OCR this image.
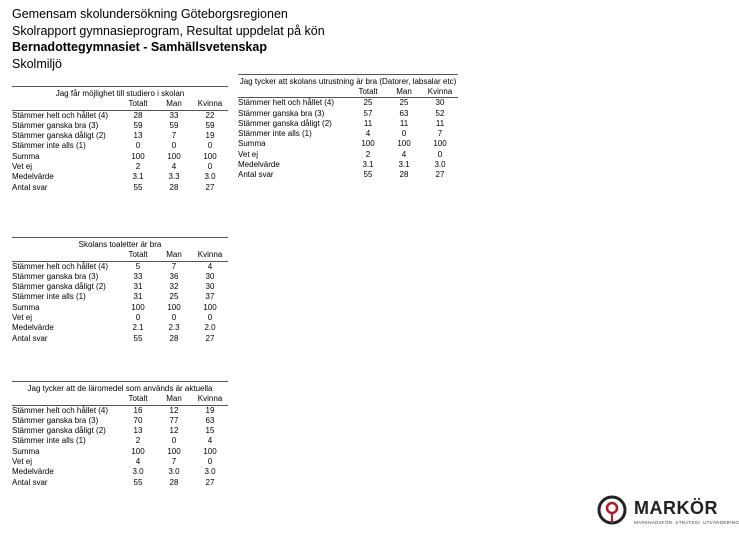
Gemensam skolundersökning Göteborgsregionen
Skolrapport gymnasieprogram, Resultat uppdelat på kön
Bernadottegymnasiet - Samhällsvetenskap
Skolmiljö
Jag får möjlighet till studiero i skolan
Totalt	Man	Kvinna
Stämmer helt och hållet (4)	28	33	22
Stämmer ganska bra (3)	59	59	59
Stämmer ganska dåligt (2)	13	7	19
Stämmer inte alls (1)	0	0	0
Summa	100	100	100
Vet ej	2	4	0
Medelvärde	3.1	3.3	3.0
Antal svar	55	28	27
Jag tycker att skolans utrustning är bra (Datorer, labsalar etc)
Totalt	Man	Kvinna
Stämmer helt och hållet (4)	25	25	30
Stämmer ganska bra (3)	57	63	52
Stämmer ganska dåligt (2)	11	11	11
Stämmer inte alls (1)	4	0	7
Summa	100	100	100
Vet ej	2	4	0
Medelvärde	3.1	3.1	3.0
Antal svar	55	28	27
Skolans toaletter är bra
Totalt	Man	Kvinna
Stämmer helt och hållet (4)	5	7	4
Stämmer ganska bra (3)	33	36	30
Stämmer ganska dåligt (2)	31	32	30
Stämmer inte alls (1)	31	25	37
Summa	100	100	100
Vet ej	0	0	0
Medelvärde	2.1	2.3	2.0
Antal svar	55	28	27
Jag tycker att de läromedel som används är aktuella
Totalt	Man	Kvinna
Stämmer helt och hållet (4)	16	12	19
Stämmer ganska bra (3)	70	77	63
Stämmer ganska dåligt (2)	13	12	15
Stämmer inte alls (1)	2	0	4
Summa	100	100	100
Vet ej	4	7	0
Medelvärde	3.0	3.0	3.0
Antal svar	55	28	27
MARKÖR
MARKNADSFÖR. STRATEGI. UTVÄRDERING
